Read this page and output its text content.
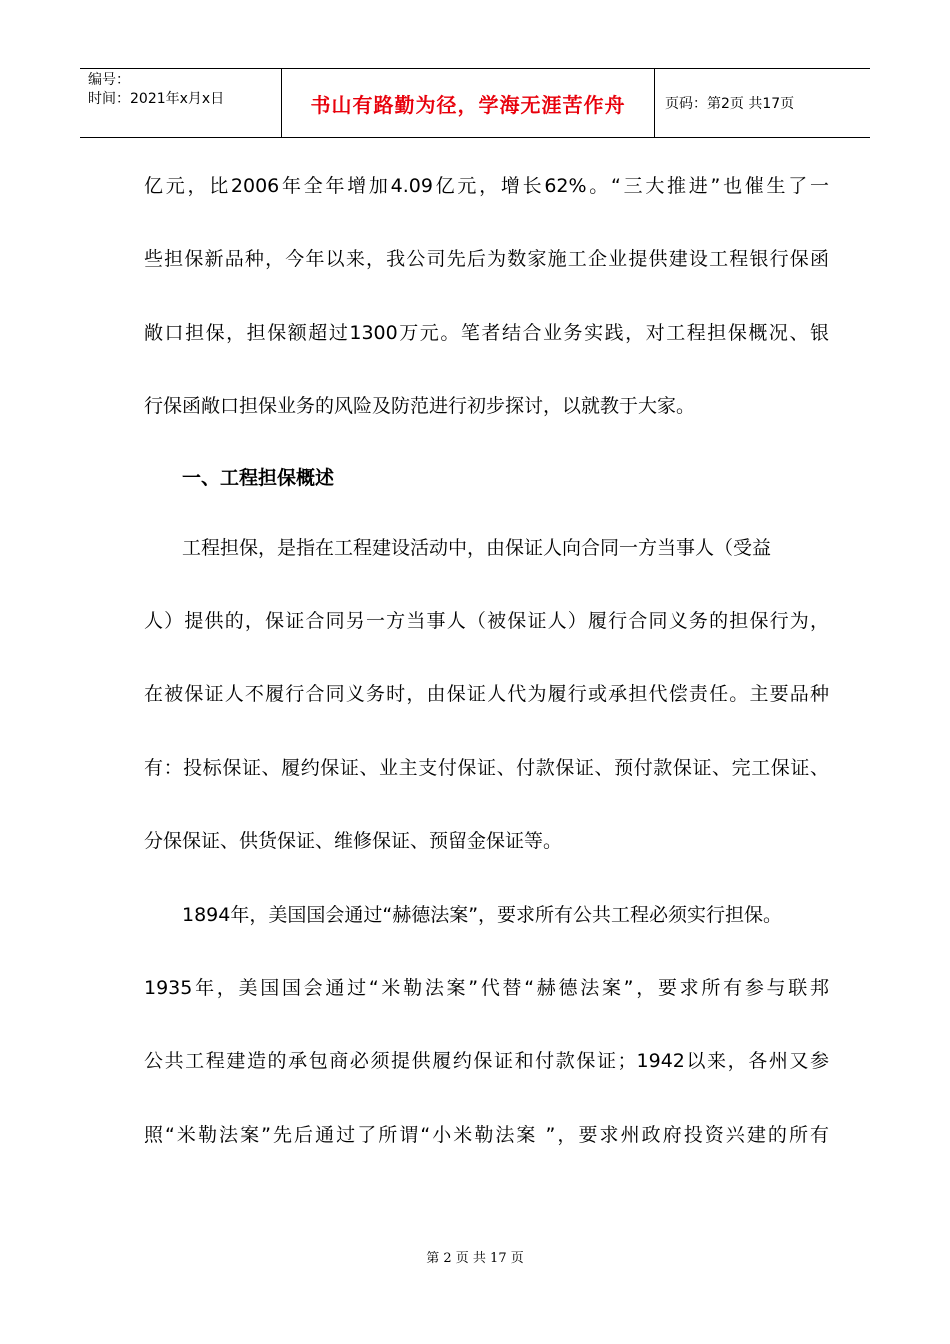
编号：
时间：2021年x月x日	书山有路勤为径，学海无涯苦作舟	页码：第2页 共17页
亿元，比2006年全年增加4.09亿元，增长62%。“三大推进”也催生了一
些担保新品种，今年以来，我公司先后为数家施工企业提供建设工程银行保函
敞口担保，担保额超过1300万元。笔者结合业务实践，对工程担保概况、银
行保函敞口担保业务的风险及防范进行初步探讨，以就教于大家。
一、工程担保概述
工程担保，是指在工程建设活动中，由保证人向合同一方当事人（受益
人）提供的，保证合同另一方当事人（被保证人）履行合同义务的担保行为，
在被保证人不履行合同义务时，由保证人代为履行或承担代偿责任。主要品种
有：投标保证、履约保证、业主支付保证、付款保证、预付款保证、完工保证、
分保保证、供货保证、维修保证、预留金保证等。
1894年，美国国会通过“赫德法案”，要求所有公共工程必须实行担保。
1935年，美国国会通过“米勒法案”代替“赫德法案”，要求所有参与联邦
公共工程建造的承包商必须提供履约保证和付款保证；1942以来，各州又参
照“米勒法案”先后通过了所谓“小米勒法案 ”，要求州政府投资兴建的所有
第 2 页 共 17 页
